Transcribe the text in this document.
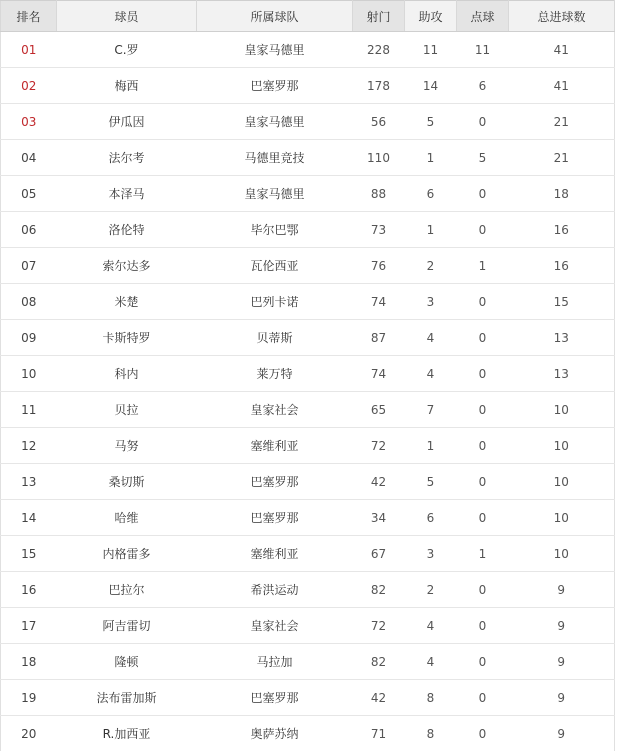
排名	球员	所属球队	射门	助攻	点球	总进球数
01	C.罗	皇家马德里	228	11	11	41
02	梅西	巴塞罗那	178	14	6	41
03	伊瓜因	皇家马德里	56	5	0	21
04	法尔考	马德里竞技	110	1	5	21
05	本泽马	皇家马德里	88	6	0	18
06	洛伦特	毕尔巴鄂	73	1	0	16
07	索尔达多	瓦伦西亚	76	2	1	16
08	米楚	巴列卡诺	74	3	0	15
09	卡斯特罗	贝蒂斯	87	4	0	13
10	科内	莱万特	74	4	0	13
11	贝拉	皇家社会	65	7	0	10
12	马努	塞维利亚	72	1	0	10
13	桑切斯	巴塞罗那	42	5	0	10
14	哈维	巴塞罗那	34	6	0	10
15	内格雷多	塞维利亚	67	3	1	10
16	巴拉尔	希洪运动	82	2	0	9
17	阿吉雷切	皇家社会	72	4	0	9
18	隆顿	马拉加	82	4	0	9
19	法布雷加斯	巴塞罗那	42	8	0	9
20	R.加西亚	奥萨苏纳	71	8	0	9
